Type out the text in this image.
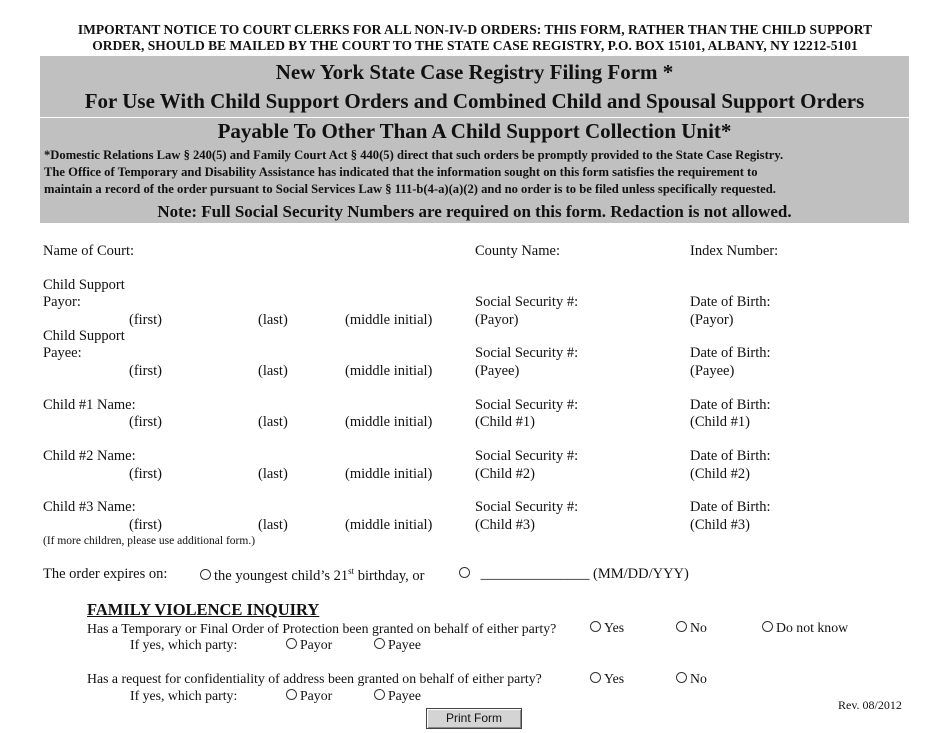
IMPORTANT NOTICE TO COURT CLERKS FOR ALL NON-IV-D ORDERS: THIS FORM, RATHER THAN THE CHILD SUPPORT
ORDER, SHOULD BE MAILED BY THE COURT TO THE STATE CASE REGISTRY, P.O. BOX 15101, ALBANY, NY 12212-5101
New York State Case Registry Filing Form *
For Use With Child Support Orders and Combined Child and Spousal Support Orders
Payable To Other Than A Child Support Collection Unit*
*Domestic Relations Law § 240(5) and Family Court Act § 440(5) direct that such orders be promptly provided to the State Case Registry.
The Office of Temporary and Disability Assistance has indicated that the information sought on this form satisfies the requirement to
maintain a record of the order pursuant to Social Services Law § 111-b(4-a)(a)(2) and no order is to be filed unless specifically requested.
Note: Full Social Security Numbers are required on this form. Redaction is not allowed.
Name of Court:	County Name:	Index Number:
Child Support
Payor:	Social Security #:	Date of Birth:
(first)	(last)	(middle initial)	(Payor)	(Payor)
Child Support
Payee:	Social Security #:	Date of Birth:
(first)	(last)	(middle initial)	(Payee)	(Payee)
Child #1 Name:	Social Security #:	Date of Birth:
(first)	(last)	(middle initial)	(Child #1)	(Child #1)
Child #2 Name:	Social Security #:	Date of Birth:
(first)	(last)	(middle initial)	(Child #2)	(Child #2)
Child #3 Name:	Social Security #:	Date of Birth:
(first)	(last)	(middle initial)	(Child #3)	(Child #3)
(If more children, please use additional form.)
The order expires on:	the youngest child’s 21st birthday, or	_______________ (MM/DD/YYY)
FAMILY VIOLENCE INQUIRY
Has a Temporary or Final Order of Protection been granted on behalf of either party?	Yes	No	Do not know
If yes, which party:	Payor	Payee
Has a request for confidentiality of address been granted on behalf of either party?	Yes	No
If yes, which party:	Payor	Payee
Rev. 08/2012
Print Form
